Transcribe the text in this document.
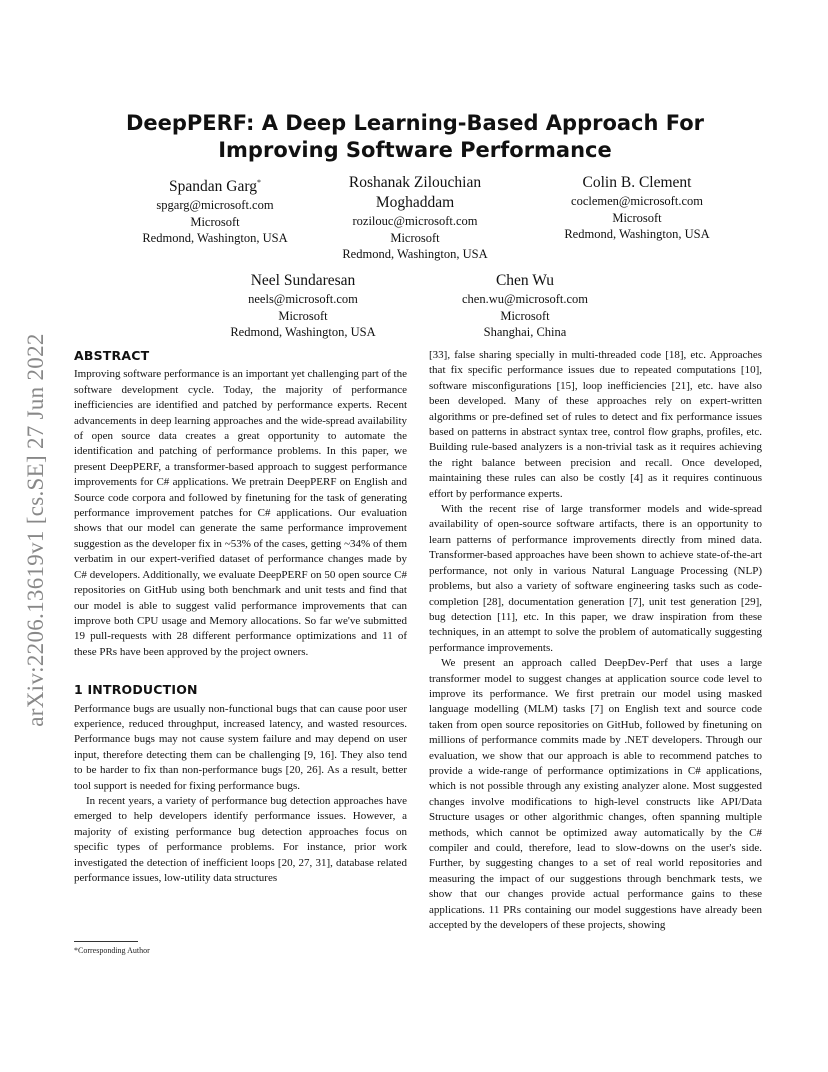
arXiv:2206.13619v1 [cs.SE] 27 Jun 2022
DeepPERF: A Deep Learning-Based Approach For Improving Software Performance
Spandan Garg*
spgarg@microsoft.com
Microsoft
Redmond, Washington, USA
Roshanak Zilouchian Moghaddam
rozilouc@microsoft.com
Microsoft
Redmond, Washington, USA
Colin B. Clement
coclemen@microsoft.com
Microsoft
Redmond, Washington, USA
Neel Sundaresan
neels@microsoft.com
Microsoft
Redmond, Washington, USA
Chen Wu
chen.wu@microsoft.com
Microsoft
Shanghai, China
ABSTRACT

Improving software performance is an important yet challenging part of the software development cycle. Today, the majority of performance inefficiencies are identified and patched by performance experts. Recent advancements in deep learning approaches and the wide-spread availability of open source data creates a great opportunity to automate the identification and patching of performance problems. In this paper, we present DeepPERF, a transformer-based approach to suggest performance improvements for C# applications. We pretrain DeepPERF on English and Source code corpora and followed by finetuning for the task of generating performance improvement patches for C# applications. Our evaluation shows that our model can generate the same performance improvement suggestion as the developer fix in ~53% of the cases, getting ~34% of them verbatim in our expert-verified dataset of performance changes made by C# developers. Additionally, we evaluate DeepPERF on 50 open source C# repositories on GitHub using both benchmark and unit tests and find that our model is able to suggest valid performance improvements that can improve both CPU usage and Memory allocations. So far we've submitted 19 pull-requests with 28 different performance optimizations and 11 of these PRs have been approved by the project owners.

1 INTRODUCTION

Performance bugs are usually non-functional bugs that can cause poor user experience, reduced throughput, increased latency, and wasted resources. Performance bugs may not cause system failure and may depend on user input, therefore detecting them can be challenging [9, 16]. They also tend to be harder to fix than non-performance bugs [20, 26]. As a result, better tool support is needed for fixing performance bugs.

In recent years, a variety of performance bug detection approaches have emerged to help developers identify performance issues. However, a majority of existing performance bug detection approaches focus on specific types of performance problems. For instance, prior work investigated the detection of inefficient loops [20, 27, 31], database related performance issues, low-utility data structures

[33], false sharing specially in multi-threaded code [18], etc. Approaches that fix specific performance issues due to repeated computations [10], software misconfigurations [15], loop inefficiencies [21], etc. have also been developed. Many of these approaches rely on expert-written algorithms or pre-defined set of rules to detect and fix performance issues based on patterns in abstract syntax tree, control flow graphs, profiles, etc. Building rule-based analyzers is a non-trivial task as it requires achieving the right balance between precision and recall. Once developed, maintaining these rules can also be costly [4] as it requires continuous effort by performance experts.

With the recent rise of large transformer models and wide-spread availability of open-source software artifacts, there is an opportunity to learn patterns of performance improvements directly from mined data. Transformer-based approaches have been shown to achieve state-of-the-art performance, not only in various Natural Language Processing (NLP) problems, but also a variety of software engineering tasks such as code-completion [28], documentation generation [7], unit test generation [29], bug detection [11], etc. In this paper, we draw inspiration from these techniques, in an attempt to solve the problem of automatically suggesting performance improvements.

We present an approach called DeepDev-Perf that uses a large transformer model to suggest changes at application source code level to improve its performance. We first pretrain our model using masked language modelling (MLM) tasks [7] on English text and source code taken from open source repositories on GitHub, followed by finetuning on millions of performance commits made by .NET developers. Through our evaluation, we show that our approach is able to recommend patches to provide a wide-range of performance optimizations in C# applications, which is not possible through any existing analyzer alone. Most suggested changes involve modifications to high-level constructs like API/Data Structure usages or other algorithmic changes, often spanning multiple methods, which cannot be optimized away automatically by the C# compiler and could, therefore, lead to slow-downs on the user's side. Further, by suggesting changes to a set of real world repositories and measuring the impact of our suggestions through benchmark tests, we show that our changes provide actual performance gains to these applications. 11 PRs containing our model suggestions have already been accepted by the developers of these projects, showing

*Corresponding Author
